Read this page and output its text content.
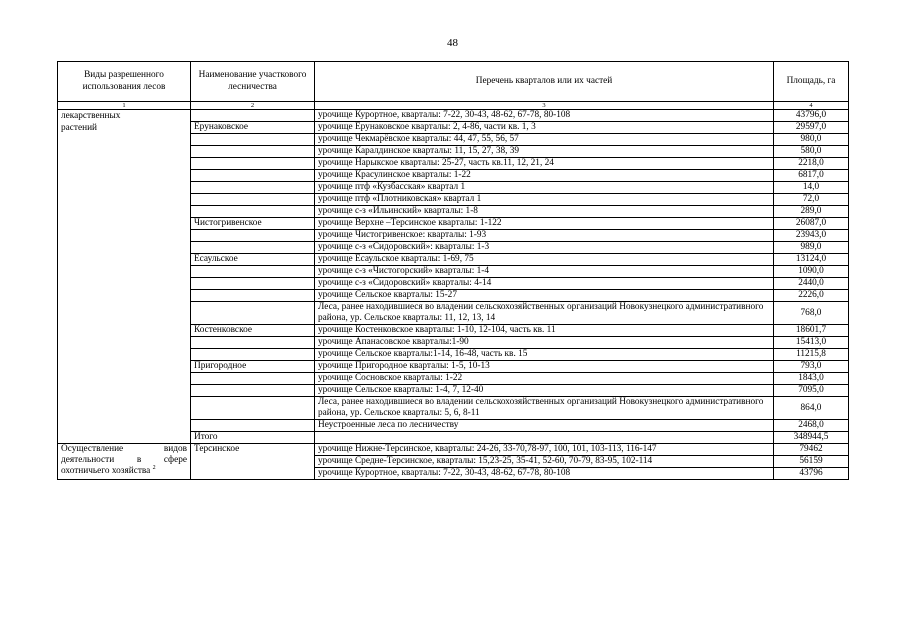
48
Виды разрешенного использования лесов	Наименование участкового лесничества	Перечень кварталов или их частей	Площадь, га
1	2	3	4

лекарственных
растений		урочище Курортное, кварталы: 7-22, 30-43, 48-62, 67-78, 80-108	43796,0
	Ерунаковское	урочище Ерунаковское кварталы: 2, 4-86, части кв. 1, 3	29597,0
		урочище Чекмарёвское кварталы: 44, 47, 55, 56, 57	980,0
		урочище Каралдинское кварталы: 11, 15, 27, 38, 39	580,0
		урочище Нарыкское кварталы: 25-27, часть кв.11, 12, 21, 24	2218,0
		урочище Красулинское кварталы: 1-22	6817,0
		урочище птф «Кузбасская» квартал 1	14,0
		урочище птф «Плотниковская» квартал 1	72,0
		урочище с-з «Ильинский» кварталы: 1-8	289,0
	Чистогривенское	урочище Верхне –Терсинское кварталы: 1-122	26087,0
		урочище Чистогривенское: кварталы: 1-93	23943,0
		урочище с-з «Сидоровский»: кварталы: 1-3	989,0
	Есаульское	урочище Есаульское кварталы: 1-69, 75	13124,0
		урочище с-з «Чистогорский» кварталы: 1-4	1090,0
		урочище с-з «Сидоровский» кварталы: 4-14	2440,0
		урочище Сельское кварталы: 15-27	2226,0
		Леса, ранее находившиеся во владении сельскохозяйственных организаций Новокузнецкого административного района, ур. Сельское кварталы: 11, 12, 13, 14	768,0
	Костенковское	урочище Костенковское кварталы: 1-10, 12-104, часть кв. 11	18601,7
		урочище Апанасовское кварталы:1-90	15413,0
		урочище Сельское кварталы:1-14, 16-48, часть кв. 15	11215,8
	Пригородное	урочище Пригородное кварталы: 1-5, 10-13	793,0
		урочище Сосновское кварталы: 1-22	1843,0
		урочище Сельское кварталы: 1-4, 7, 12-40	7095,0
		Леса, ранее находившиеся во владении сельскохозяйственных организаций Новокузнецкого административного района, ур. Сельское кварталы: 5, 6, 8-11	864,0
		Неустроенные леса по лесничеству	2468,0
	Итого		348944,5

Осуществление видов
деятельности в сфере
охотничьего хозяйства $^2$	Терсинское	урочище Нижне-Терсинское, кварталы: 24-26, 33-70,78-97, 100, 101, 103-113, 116-147	79462
		урочище Средне-Терсинское, кварталы: 15,23-25, 35-41, 52-60, 70-79, 83-95, 102-114	56159
		урочище Курортное, кварталы: 7-22, 30-43, 48-62, 67-78, 80-108	43796
